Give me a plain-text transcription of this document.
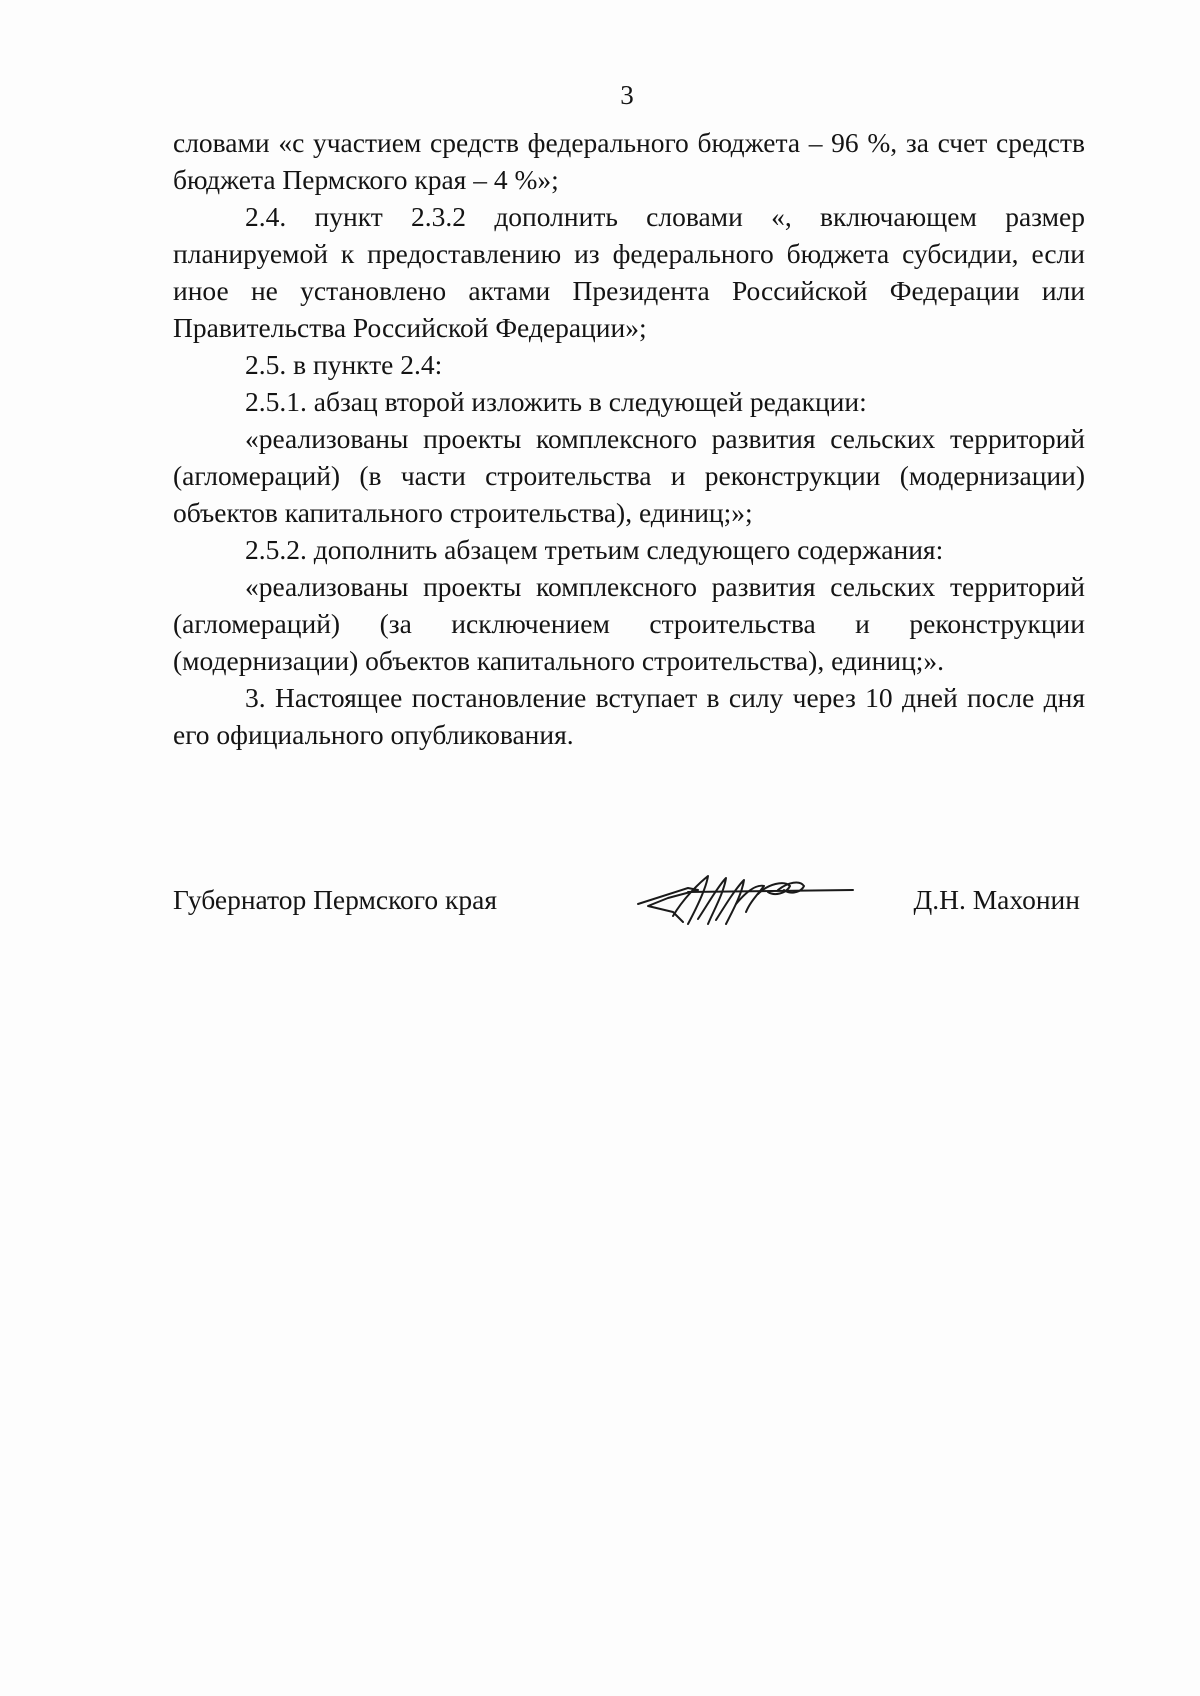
3

словами «с участием средств федерального бюджета – 96 %, за счет средств бюджета Пермского края – 4 %»;

2.4. пункт 2.3.2 дополнить словами «, включающем размер планируемой к предоставлению из федерального бюджета субсидии, если иное не установлено актами Президента Российской Федерации или Правительства Российской Федерации»;

2.5. в пункте 2.4:

2.5.1. абзац второй изложить в следующей редакции:

«реализованы проекты комплексного развития сельских территорий (агломераций) (в части строительства и реконструкции (модернизации) объектов капитального строительства), единиц;»;

2.5.2. дополнить абзацем третьим следующего содержания:

«реализованы проекты комплексного развития сельских территорий (агломераций) (за исключением строительства и реконструкции (модернизации) объектов капитального строительства), единиц;».

3. Настоящее постановление вступает в силу через 10 дней после дня его официального опубликования.

Губернатор Пермского края	Д.Н. Махонин
